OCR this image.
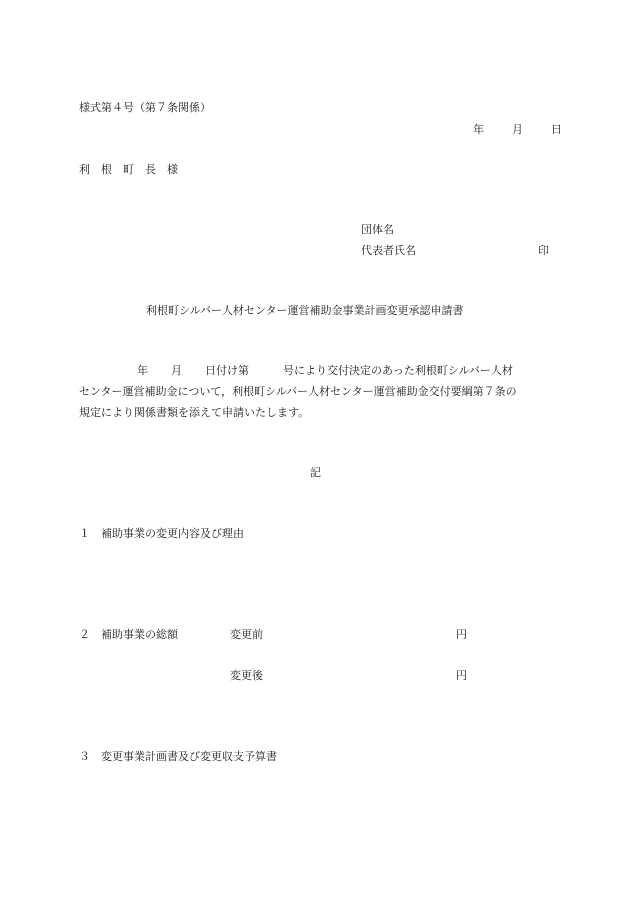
様式第４号（第７条関係）
年	月	日
利 根 町 長 様
団体名
代表者氏名	印
利根町シルバー人材センター運営補助金事業計画変更承認申請書
年 月 日付け第	号により交付決定のあった利根町シルバー人材
センター運営補助金について，利根町シルバー人材センター運営補助金交付要綱第７条の
規定により関係書類を添えて申請いたします。
記
１ 補助事業の変更内容及び理由
２ 補助事業の総額	変更前	円
変更後	円
３ 変更事業計画書及び変更収支予算書
